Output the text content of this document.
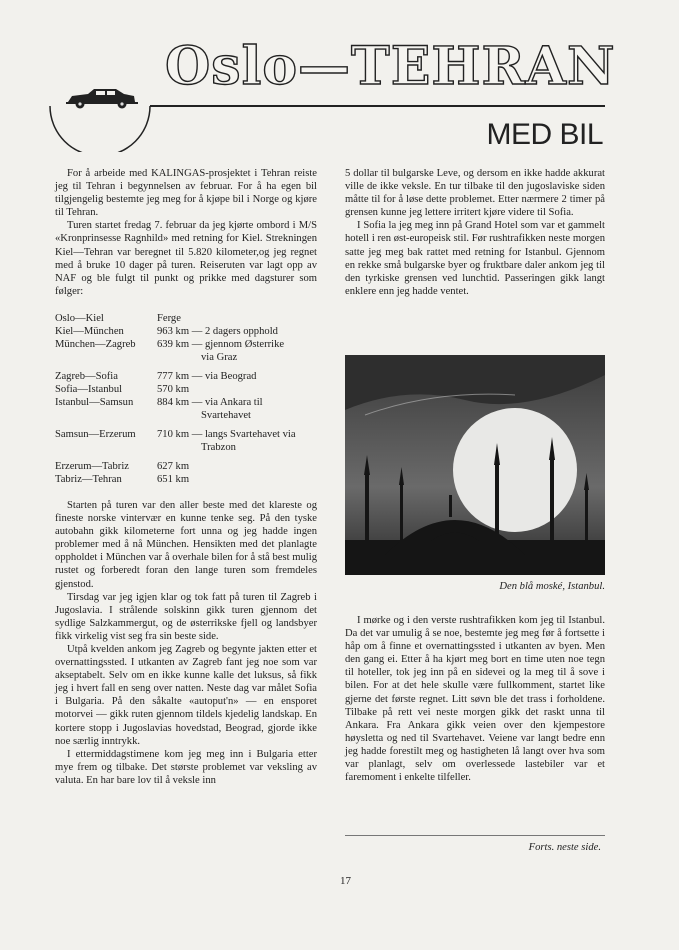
Oslo—TEHRAN
MED BIL

For å arbeide med KALINGAS-prosjektet i Tehran reiste jeg til Tehran i begynnelsen av februar. For å ha egen bil tilgjengelig bestemte jeg meg for å kjøpe bil i Norge og kjøre til Tehran.

Turen startet fredag 7. februar da jeg kjørte ombord i M/S «Kronprinsesse Ragnhild» med retning for Kiel. Strekningen Kiel—Tehran var beregnet til 5.820 kilometer,og jeg regnet med å bruke 10 dager på turen. Reiseruten var lagt opp av NAF og ble fulgt til punkt og prikke med dagsturer som følger:

Oslo—Kiel	Ferge
Kiel—München	963 km — 2 dagers opphold
München—Zagreb	639 km — gjennom Østerrike
	via Graz
Zagreb—Sofia	777 km — via Beograd
Sofia—Istanbul	570 km
Istanbul—Samsun	884 km — via Ankara til
	Svartehavet
Samsun—Erzerum	710 km — langs Svartehavet via
	Trabzon
Erzerum—Tabriz	627 km
Tabriz—Tehran	651 km

Starten på turen var den aller beste med det klareste og fineste norske vintervær en kunne tenke seg. På den tyske autobahn gikk kilometerne fort unna og jeg hadde ingen problemer med å nå München. Hensikten med det planlagte oppholdet i München var å overhale bilen for å stå best mulig rustet og forberedt foran den lange turen som fremdeles gjenstod.

Tirsdag var jeg igjen klar og tok fatt på turen til Zagreb i Jugoslavia. I strålende solskinn gikk turen gjennom det sydlige Salzkammergut, og de østerrikske fjell og landsbyer fikk virkelig vist seg fra sin beste side.

Utpå kvelden ankom jeg Zagreb og begynte jakten etter et overnattingssted. I utkanten av Zagreb fant jeg noe som var akseptabelt. Selv om en ikke kunne kalle det luksus, så fikk jeg i hvert fall en seng over natten. Neste dag var målet Sofia i Bulgaria. På den såkalte «autoput'n» — en ensporet motorvei — gikk ruten gjennom tildels kjedelig landskap. En kortere stopp i Jugoslavias hovedstad, Beograd, gjorde ikke noe særlig inntrykk.

I ettermiddagstimene kom jeg meg inn i Bulgaria etter mye frem og tilbake. Det største problemet var veksling av valuta. En har bare lov til å veksle inn

5 dollar til bulgarske Leve, og dersom en ikke hadde akkurat ville de ikke veksle. En tur tilbake til den jugoslaviske siden måtte til for å løse dette problemet. Etter nærmere 2 timer på grensen kunne jeg lettere irritert kjøre videre til Sofia.

I Sofia la jeg meg inn på Grand Hotel som var et gammelt hotell i ren øst-europeisk stil. Før rushtrafikken neste morgen satte jeg meg bak rattet med retning for Istanbul. Gjennom en rekke små bulgarske byer og fruktbare daler ankom jeg til den tyrkiske grensen ved lunchtid. Passeringen gikk langt enklere enn jeg hadde ventet.

Den blå moské, Istanbul.

I mørke og i den verste rushtrafikken kom jeg til Istanbul. Da det var umulig å se noe, bestemte jeg meg før å fortsette i håp om å finne et overnattingssted i utkanten av byen. Men den gang ei. Etter å ha kjørt meg bort en time uten noe tegn til hoteller, tok jeg inn på en sidevei og la meg til å sove i bilen. For at det hele skulle være fullkomment, startet like gjerne det første regnet. Litt søvn ble det trass i forholdene. Tilbake på rett vei neste morgen gikk det raskt unna til Ankara. Fra Ankara gikk veien over den kjempestore høysletta og ned til Svartehavet. Veiene var langt bedre enn jeg hadde forestilt meg og hastigheten lå langt over hva som var planlagt, selv om overlessede lastebiler var et faremoment i enkelte tilfeller.

Forts. neste side.
17
